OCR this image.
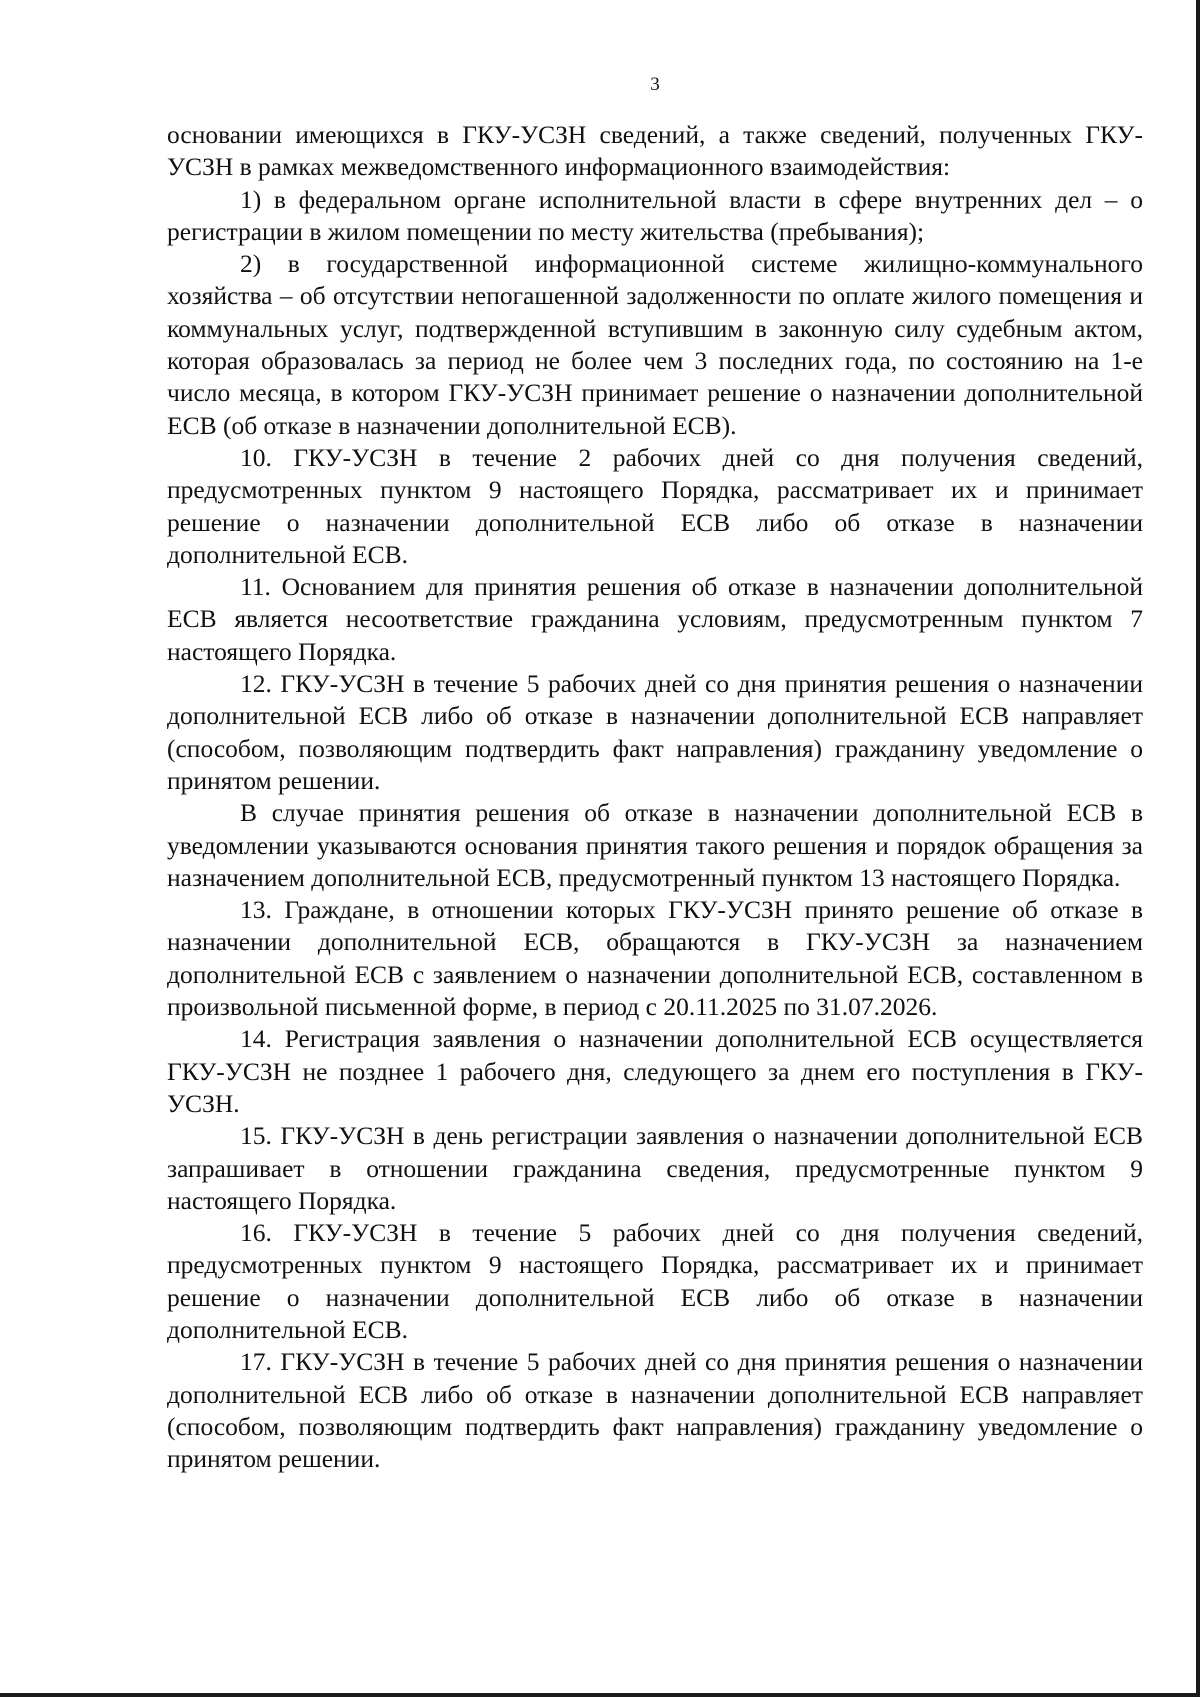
3

основании имеющихся в ГКУ-УСЗН сведений, а также сведений, полученных ГКУ-УСЗН в рамках межведомственного информационного взаимодействия:

1) в федеральном органе исполнительной власти в сфере внутренних дел – о регистрации в жилом помещении по месту жительства (пребывания);

2) в государственной информационной системе жилищно-коммунального хозяйства – об отсутствии непогашенной задолженности по оплате жилого помещения и коммунальных услуг, подтвержденной вступившим в законную силу судебным актом, которая образовалась за период не более чем 3 последних года, по состоянию на 1-е число месяца, в котором ГКУ-УСЗН принимает решение о назначении дополнительной ЕСВ (об отказе в назначении дополнительной ЕСВ).

10. ГКУ-УСЗН в течение 2 рабочих дней со дня получения сведений, предусмотренных пунктом 9 настоящего Порядка, рассматривает их и принимает решение о назначении дополнительной ЕСВ либо об отказе в назначении дополнительной ЕСВ.

11. Основанием для принятия решения об отказе в назначении дополнительной ЕСВ является несоответствие гражданина условиям, предусмотренным пунктом 7 настоящего Порядка.

12. ГКУ-УСЗН в течение 5 рабочих дней со дня принятия решения о назначении дополнительной ЕСВ либо об отказе в назначении дополнительной ЕСВ направляет (способом, позволяющим подтвердить факт направления) гражданину уведомление о принятом решении.

В случае принятия решения об отказе в назначении дополнительной ЕСВ в уведомлении указываются основания принятия такого решения и порядок обращения за назначением дополнительной ЕСВ, предусмотренный пунктом 13 настоящего Порядка.

13. Граждане, в отношении которых ГКУ-УСЗН принято решение об отказе в назначении дополнительной ЕСВ, обращаются в ГКУ-УСЗН за назначением дополнительной ЕСВ с заявлением о назначении дополнительной ЕСВ, составленном в произвольной письменной форме, в период с 20.11.2025 по 31.07.2026.

14. Регистрация заявления о назначении дополнительной ЕСВ осуществляется ГКУ-УСЗН не позднее 1 рабочего дня, следующего за днем его поступления в ГКУ-УСЗН.

15. ГКУ-УСЗН в день регистрации заявления о назначении дополнительной ЕСВ запрашивает в отношении гражданина сведения, предусмотренные пунктом 9 настоящего Порядка.

16. ГКУ-УСЗН в течение 5 рабочих дней со дня получения сведений, предусмотренных пунктом 9 настоящего Порядка, рассматривает их и принимает решение о назначении дополнительной ЕСВ либо об отказе в назначении дополнительной ЕСВ.

17. ГКУ-УСЗН в течение 5 рабочих дней со дня принятия решения о назначении дополнительной ЕСВ либо об отказе в назначении дополнительной ЕСВ направляет (способом, позволяющим подтвердить факт направления) гражданину уведомление о принятом решении.
